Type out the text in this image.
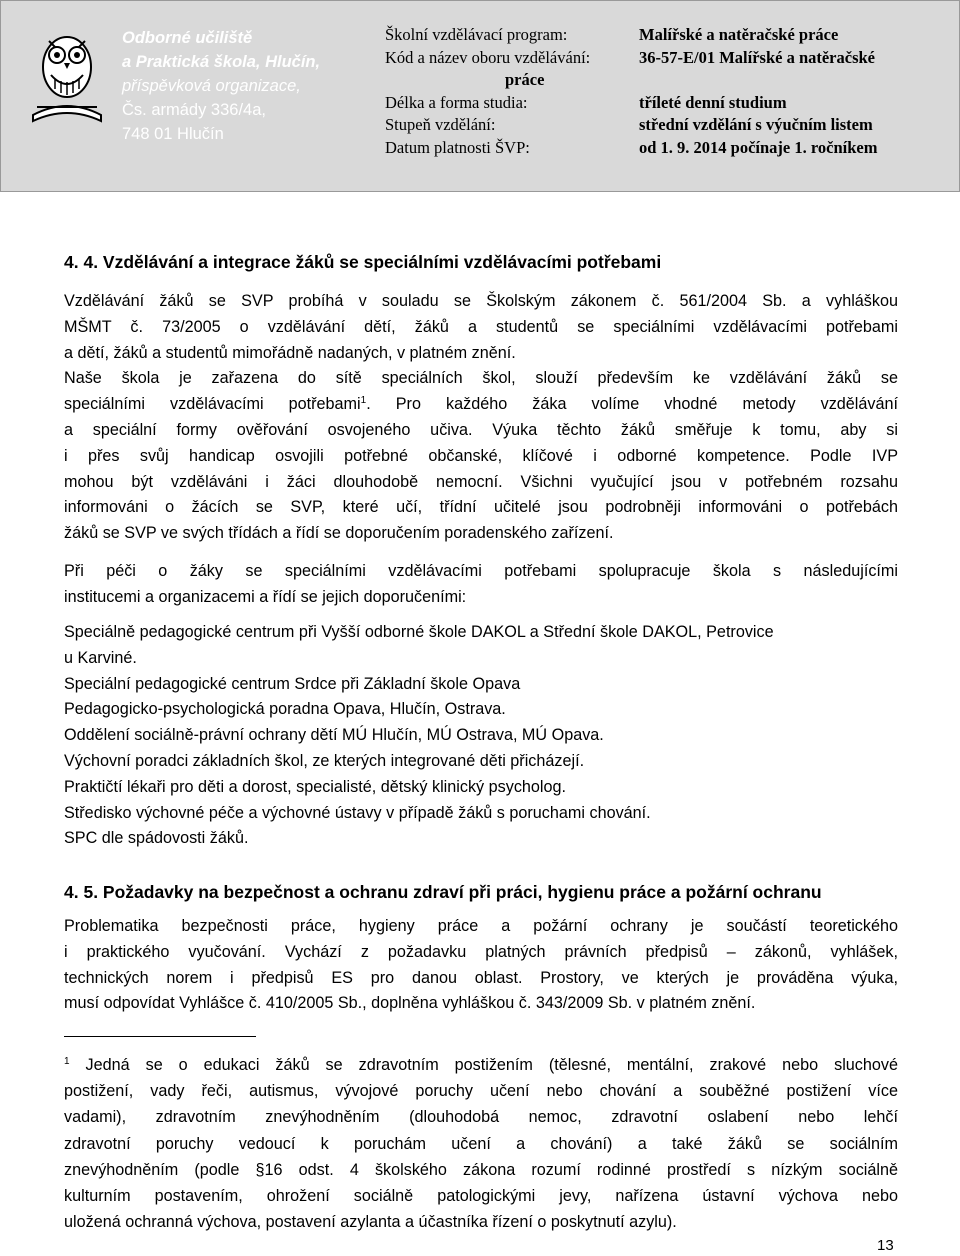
Odborné učiliště
a Praktická škola, Hlučín,
příspěvková organizace,
Čs. armády 336/4a,
748 01 Hlučín
Školní vzdělávací program:	Malířské a natěračské práce
Kód a název oboru vzdělávání:	36-57-E/01 Malířské a natěračské
práce
Délka a forma studia:	tříleté denní studium
Stupeň vzdělání:	střední vzdělání s výučním listem
Datum platnosti ŠVP:	od 1. 9. 2014 počínaje 1. ročníkem
4. 4. Vzdělávání a integrace žáků se speciálními vzdělávacími potřebami
Vzdělávání žáků se SVP probíhá v souladu se Školským zákonem č. 561/2004 Sb. a vyhláškou
MŠMT č. 73/2005 o vzdělávání dětí, žáků a studentů se speciálními vzdělávacími potřebami
a dětí, žáků a studentů mimořádně nadaných, v platném znění.
Naše škola je zařazena do sítě speciálních škol, slouží především ke vzdělávání žáků se
speciálními vzdělávacími potřebami$^1$. Pro každého žáka volíme vhodné metody vzdělávání
a speciální formy ověřování osvojeného učiva. Výuka těchto žáků směřuje k tomu, aby si
i přes svůj handicap osvojili potřebné občanské, klíčové i odborné kompetence. Podle IVP
mohou být vzděláváni i žáci dlouhodobě nemocní. Všichni vyučující jsou v potřebném rozsahu
informováni o žácích se SVP, které učí, třídní učitelé jsou podrobněji informováni o potřebách
žáků se SVP ve svých třídách a řídí se doporučením poradenského zařízení.
Při péči o žáky se speciálními vzdělávacími potřebami spolupracuje škola s následujícími
institucemi a organizacemi a řídí se jejich doporučeními:
Speciálně pedagogické centrum při Vyšší odborné škole DAKOL a Střední škole DAKOL, Petrovice
u Karviné.
Speciální pedagogické centrum Srdce při Základní škole Opava
Pedagogicko-psychologická poradna Opava, Hlučín, Ostrava.
Oddělení sociálně-právní ochrany dětí MÚ Hlučín, MÚ Ostrava, MÚ Opava.
Výchovní poradci základních škol, ze kterých integrované děti přicházejí.
Praktičtí lékaři pro děti a dorost, specialisté, dětský klinický psycholog.
Středisko výchovné péče a výchovné ústavy v případě žáků s poruchami chování.
SPC dle spádovosti žáků.
4. 5. Požadavky na bezpečnost a ochranu zdraví při práci, hygienu práce a požární ochranu
Problematika bezpečnosti práce, hygieny práce a požární ochrany je součástí teoretického
i praktického vyučování. Vychází z požadavku platných právních předpisů – zákonů, vyhlášek,
technických norem i předpisů ES pro danou oblast. Prostory, ve kterých je prováděna výuka,
musí odpovídat Vyhlášce č. 410/2005 Sb., doplněna vyhláškou č. 343/2009 Sb. v platném znění.
$^1$ Jedná se o edukaci žáků se zdravotním postižením (tělesné, mentální, zrakové nebo sluchové
postižení, vady řeči, autismus, vývojové poruchy učení nebo chování a souběžné postižení více
vadami), zdravotním znevýhodněním (dlouhodobá nemoc, zdravotní oslabení nebo lehčí
zdravotní poruchy vedoucí k poruchám učení a chování) a také žáků se sociálním
znevýhodněním (podle §16 odst. 4 školského zákona rozumí rodinné prostředí s nízkým sociálně
kulturním postavením, ohrožení sociálně patologickými jevy, nařízena ústavní výchova nebo
uložená ochranná výchova, postavení azylanta a účastníka řízení o poskytnutí azylu).
13
